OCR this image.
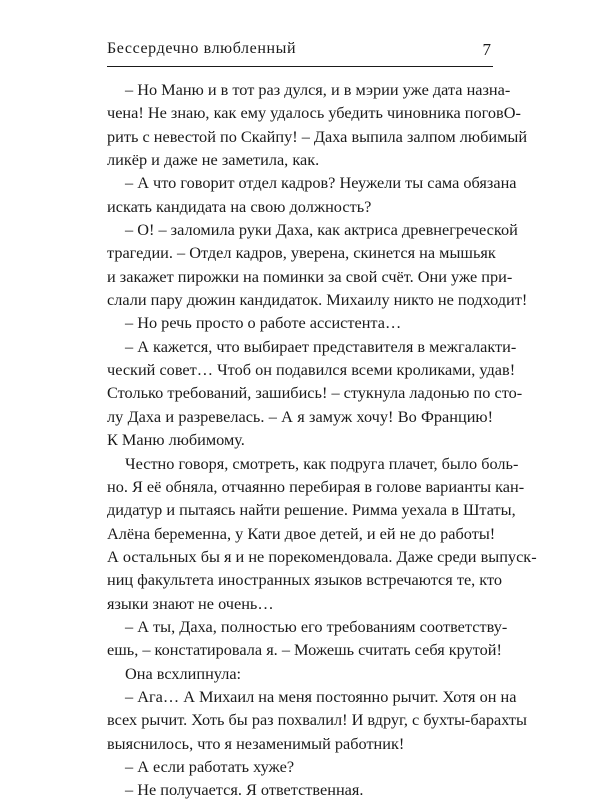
Бессердечно влюбленный	7
– Но Маню и в тот раз дулся, и в мэрии уже дата назна-
чена! Не знаю, как ему удалось убедить чиновника поговО-
рить с невестой по Скайпу! – Даха выпила залпом любимый
ликёр и даже не заметила, как.
– А что говорит отдел кадров? Неужели ты сама обязана
искать кандидата на свою должность?
– О! – заломила руки Даха, как актриса древнегреческой
трагедии. – Отдел кадров, уверена, скинется на мышьяк
и закажет пирожки на поминки за свой счёт. Они уже при-
слали пару дюжин кандидаток. Михаилу никто не подходит!
– Но речь просто о работе ассистента…
– А кажется, что выбирает представителя в межгалакти-
ческий совет… Чтоб он подавился всеми кроликами, удав!
Столько требований, зашибись! – стукнула ладонью по сто-
лу Даха и разревелась. – А я замуж хочу! Во Францию!
К Маню любимому.
Честно говоря, смотреть, как подруга плачет, было боль-
но. Я её обняла, отчаянно перебирая в голове варианты кан-
дидатур и пытаясь найти решение. Римма уехала в Штаты,
Алёна беременна, у Кати двое детей, и ей не до работы!
А остальных бы я и не порекомендовала. Даже среди выпуск-
ниц факультета иностранных языков встречаются те, кто
языки знают не очень…
– А ты, Даха, полностью его требованиям соответству-
ешь, – констатировала я. – Можешь считать себя крутой!
Она всхлипнула:
– Ага… А Михаил на меня постоянно рычит. Хотя он на
всех рычит. Хоть бы раз похвалил! И вдруг, с бухты-барахты
выяснилось, что я незаменимый работник!
– А если работать хуже?
– Не получается. Я ответственная.
